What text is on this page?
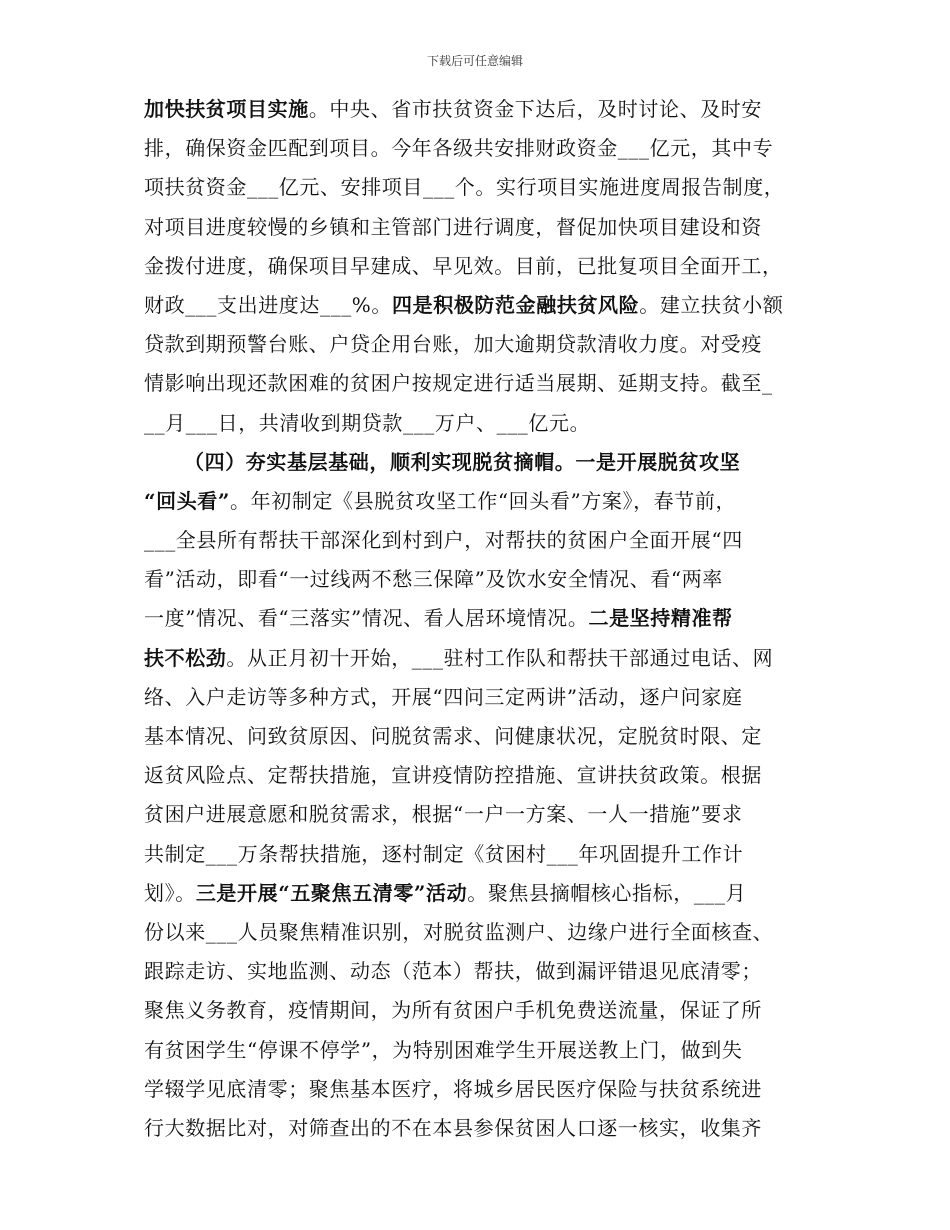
下载后可任意编辑
加快扶贫项目实施。中央、省市扶贫资金下达后，及时讨论、及时安
排，确保资金匹配到项目。今年各级共安排财政资金___亿元，其中专
项扶贫资金___亿元、安排项目___个。实行项目实施进度周报告制度，
对项目进度较慢的乡镇和主管部门进行调度，督促加快项目建设和资
金拨付进度，确保项目早建成、早见效。目前，已批复项目全面开工，
财政___支出进度达___%。四是积极防范金融扶贫风险。建立扶贫小额
贷款到期预警台账、户贷企用台账，加大逾期贷款清收力度。对受疫
情影响出现还款困难的贫困户按规定进行适当展期、延期支持。截至_
__月___日，共清收到期贷款___万户、___亿元。
（四）夯实基层基础，顺利实现脱贫摘帽。一是开展脱贫攻坚
“回头看”。年初制定《县脱贫攻坚工作“回头看”方案》，春节前，
___全县所有帮扶干部深化到村到户，对帮扶的贫困户全面开展“四
看”活动，即看“一过线两不愁三保障”及饮水安全情况、看“两率
一度”情况、看“三落实”情况、看人居环境情况。二是坚持精准帮
扶不松劲。从正月初十开始，___驻村工作队和帮扶干部通过电话、网
络、入户走访等多种方式，开展“四问三定两讲”活动，逐户问家庭
基本情况、问致贫原因、问脱贫需求、问健康状况，定脱贫时限、定
返贫风险点、定帮扶措施，宣讲疫情防控措施、宣讲扶贫政策。根据
贫困户进展意愿和脱贫需求，根据“一户一方案、一人一措施”要求
共制定___万条帮扶措施，逐村制定《贫困村___年巩固提升工作计
划》。三是开展“五聚焦五清零”活动。聚焦县摘帽核心指标，___月
份以来___人员聚焦精准识别，对脱贫监测户、边缘户进行全面核查、
跟踪走访、实地监测、动态（范本）帮扶，做到漏评错退见底清零；
聚焦义务教育，疫情期间，为所有贫困户手机免费送流量，保证了所
有贫困学生“停课不停学”，为特别困难学生开展送教上门，做到失
学辍学见底清零；聚焦基本医疗，将城乡居民医疗保险与扶贫系统进
行大数据比对，对筛查出的不在本县参保贫困人口逐一核实，收集齐
